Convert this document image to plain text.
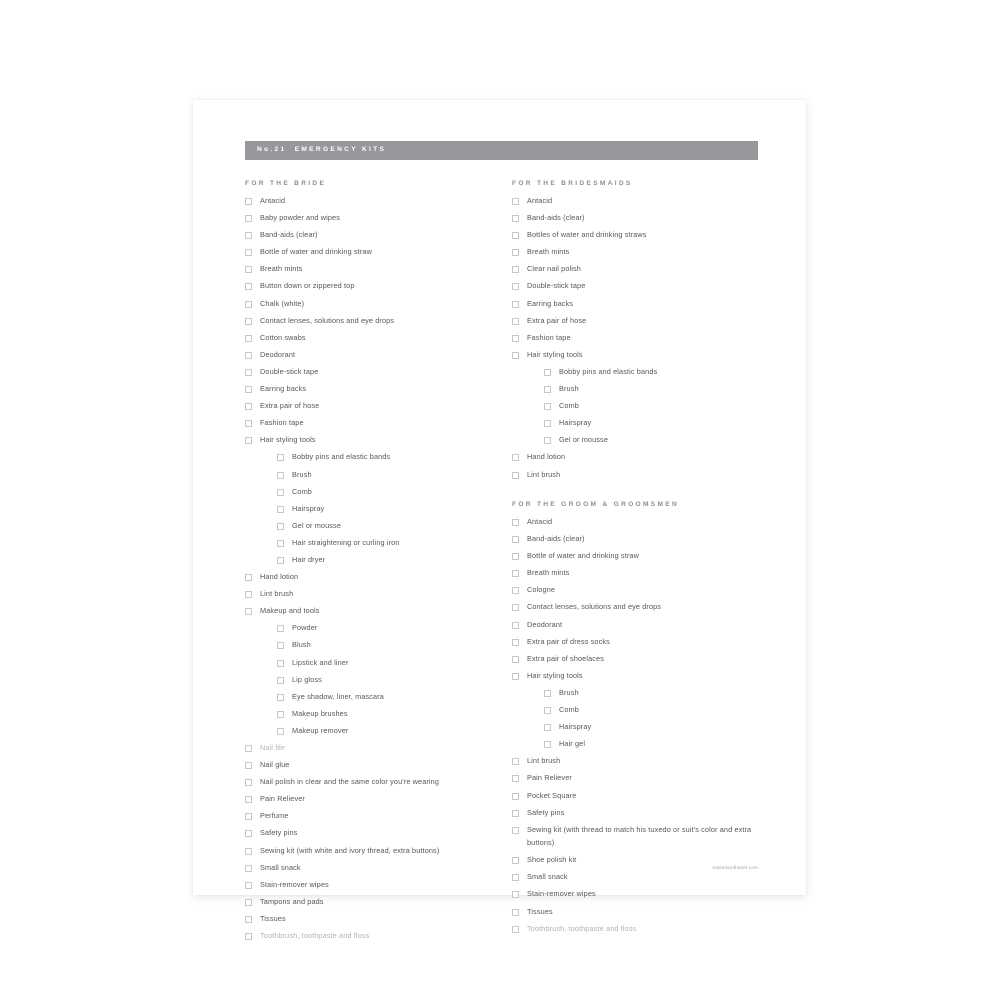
No.21 EMERGENCY KITS
FOR THE BRIDE
Antacid
Baby powder and wipes
Band-aids (clear)
Bottle of water and drinking straw
Breath mints
Button down or zippered top
Chalk (white)
Contact lenses, solutions and eye drops
Cotton swabs
Deodorant
Double-stick tape
Earring backs
Extra pair of hose
Fashion tape
Hair styling tools
Bobby pins and elastic bands
Brush
Comb
Hairspray
Gel or mousse
Hair straightening or curling iron
Hair dryer
Hand lotion
Lint brush
Makeup and tools
Powder
Blush
Lipstick and liner
Lip gloss
Eye shadow, liner, mascara
Makeup brushes
Makeup remover
Nail file
Nail glue
Nail polish in clear and the same color you're wearing
Pain Reliever
Perfume
Safety pins
Sewing kit (with white and ivory thread, extra buttons)
Small snack
Stain-remover wipes
Tampons and pads
Tissues
Toothbrush, toothpaste and floss
FOR THE BRIDESMAIDS
Antacid
Band-aids (clear)
Bottles of water and drinking straws
Breath mints
Clear nail polish
Double-stick tape
Earring backs
Extra pair of hose
Fashion tape
Hair styling tools
Bobby pins and elastic bands
Brush
Comb
Hairspray
Gel or mousse
Hand lotion
Lint brush
FOR THE GROOM & GROOMSMEN
Antacid
Band-aids (clear)
Bottle of water and drinking straw
Breath mints
Cologne
Contact lenses, solutions and eye drops
Deodorant
Extra pair of dress socks
Extra pair of shoelaces
Hair styling tools
Brush
Comb
Hairspray
Hair gel
Lint brush
Pain Reliever
Pocket Square
Safety pins
Sewing kit (with thread to match his tuxedo or suit's color and extra buttons)
Shoe polish kit
Small snack
Stain-remover wipes
Tissues
Toothbrush, toothpaste and floss
russellandhazel.com
